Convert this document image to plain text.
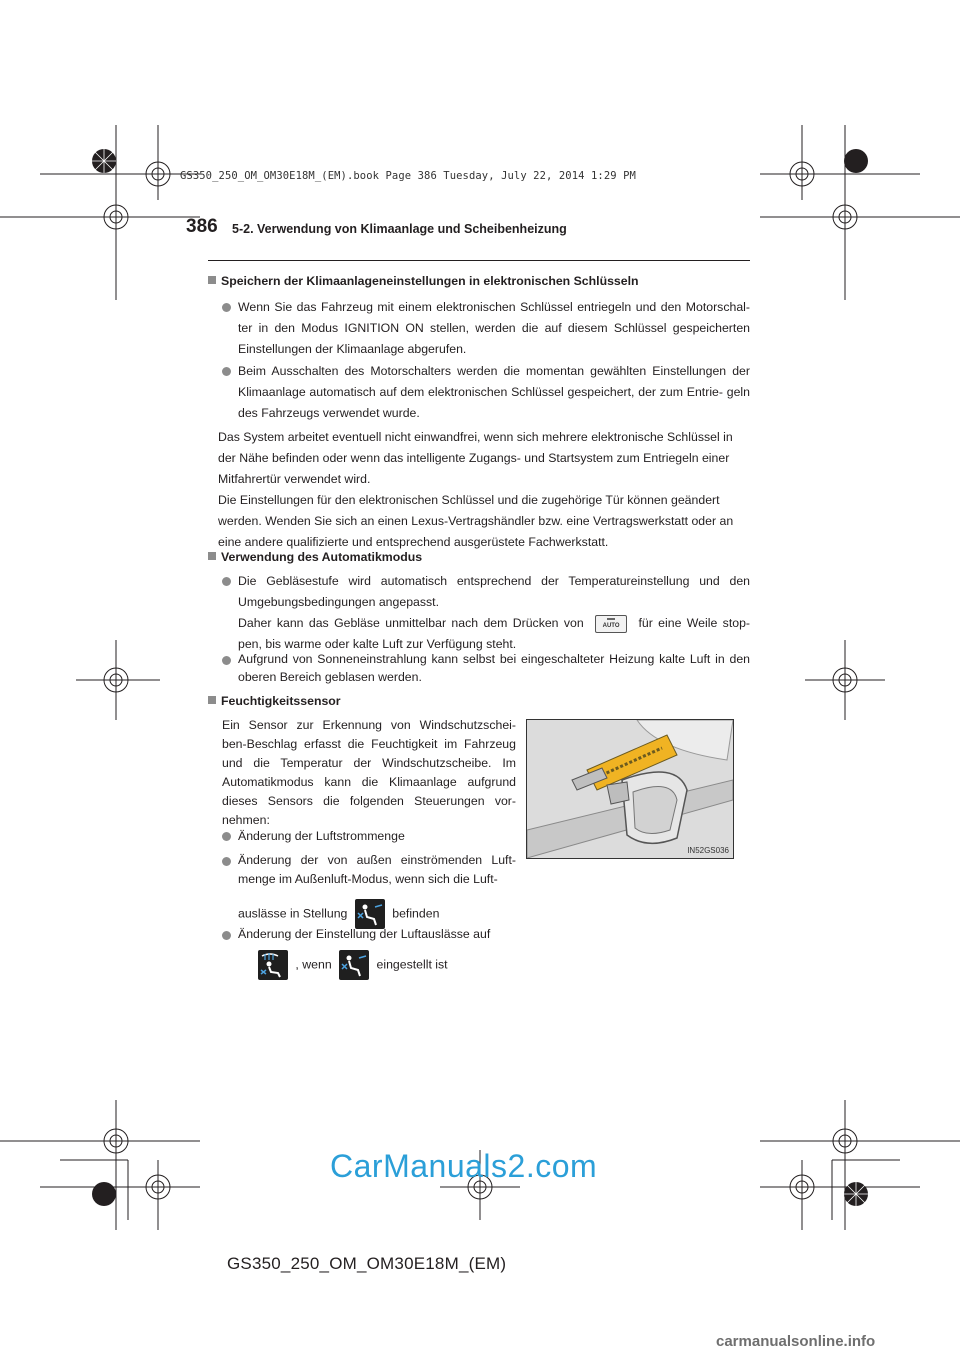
GS350_250_OM_OM30E18M_(EM).book Page 386 Tuesday, July 22, 2014 1:29 PM
386 5-2. Verwendung von Klimaanlage und Scheibenheizung
Speichern der Klimaanlageneinstellungen in elektronischen Schlüsseln
Wenn Sie das Fahrzeug mit einem elektronischen Schlüssel entriegeln und den Motorschal- ter in den Modus IGNITION ON stellen, werden die auf diesem Schlüssel gespeicherten Einstellungen der Klimaanlage abgerufen.
Beim Ausschalten des Motorschalters werden die momentan gewählten Einstellungen der Klimaanlage automatisch auf dem elektronischen Schlüssel gespeichert, der zum Entrie- geln des Fahrzeugs verwendet wurde.

Das System arbeitet eventuell nicht einwandfrei, wenn sich mehrere elektronische Schlüssel in der Nähe befinden oder wenn das intelligente Zugangs- und Startsystem zum Entriegeln einer Mitfahrertür verwendet wird.

Die Einstellungen für den elektronischen Schlüssel und die zugehörige Tür können geändert werden. Wenden Sie sich an einen Lexus-Vertragshändler bzw. eine Vertragswerkstatt oder an eine andere qualifizierte und entsprechend ausgerüstete Fachwerkstatt.

Verwendung des Automatikmodus
Die Gebläsestufe wird automatisch entsprechend der Temperatureinstellung und den Umgebungsbedingungen angepasst.
Daher kann das Gebläse unmittelbar nach dem Drücken von	AUTO für eine Weile stop- pen, bis warme oder kalte Luft zur Verfügung steht.
Aufgrund von Sonneneinstrahlung kann selbst bei eingeschalteter Heizung kalte Luft in den oberen Bereich geblasen werden.
Feuchtigkeitssensor
Ein Sensor zur Erkennung von Windschutzschei- ben-Beschlag erfasst die Feuchtigkeit im Fahrzeug und die Temperatur der Windschutzscheibe. Im Automatikmodus kann die Klimaanlage aufgrund dieses Sensors die folgenden Steuerungen vor- nehmen:
Änderung der Luftstrommenge
Änderung der von außen einströmenden Luft- menge im Außenluft-Modus, wenn sich die Luft-
auslässe in Stellung	befinden
Änderung der Einstellung der Luftauslässe auf
, wenn	eingestellt ist
IN52GS036
CarManuals2.com
GS350_250_OM_OM30E18M_(EM)
carmanualsonline.info
